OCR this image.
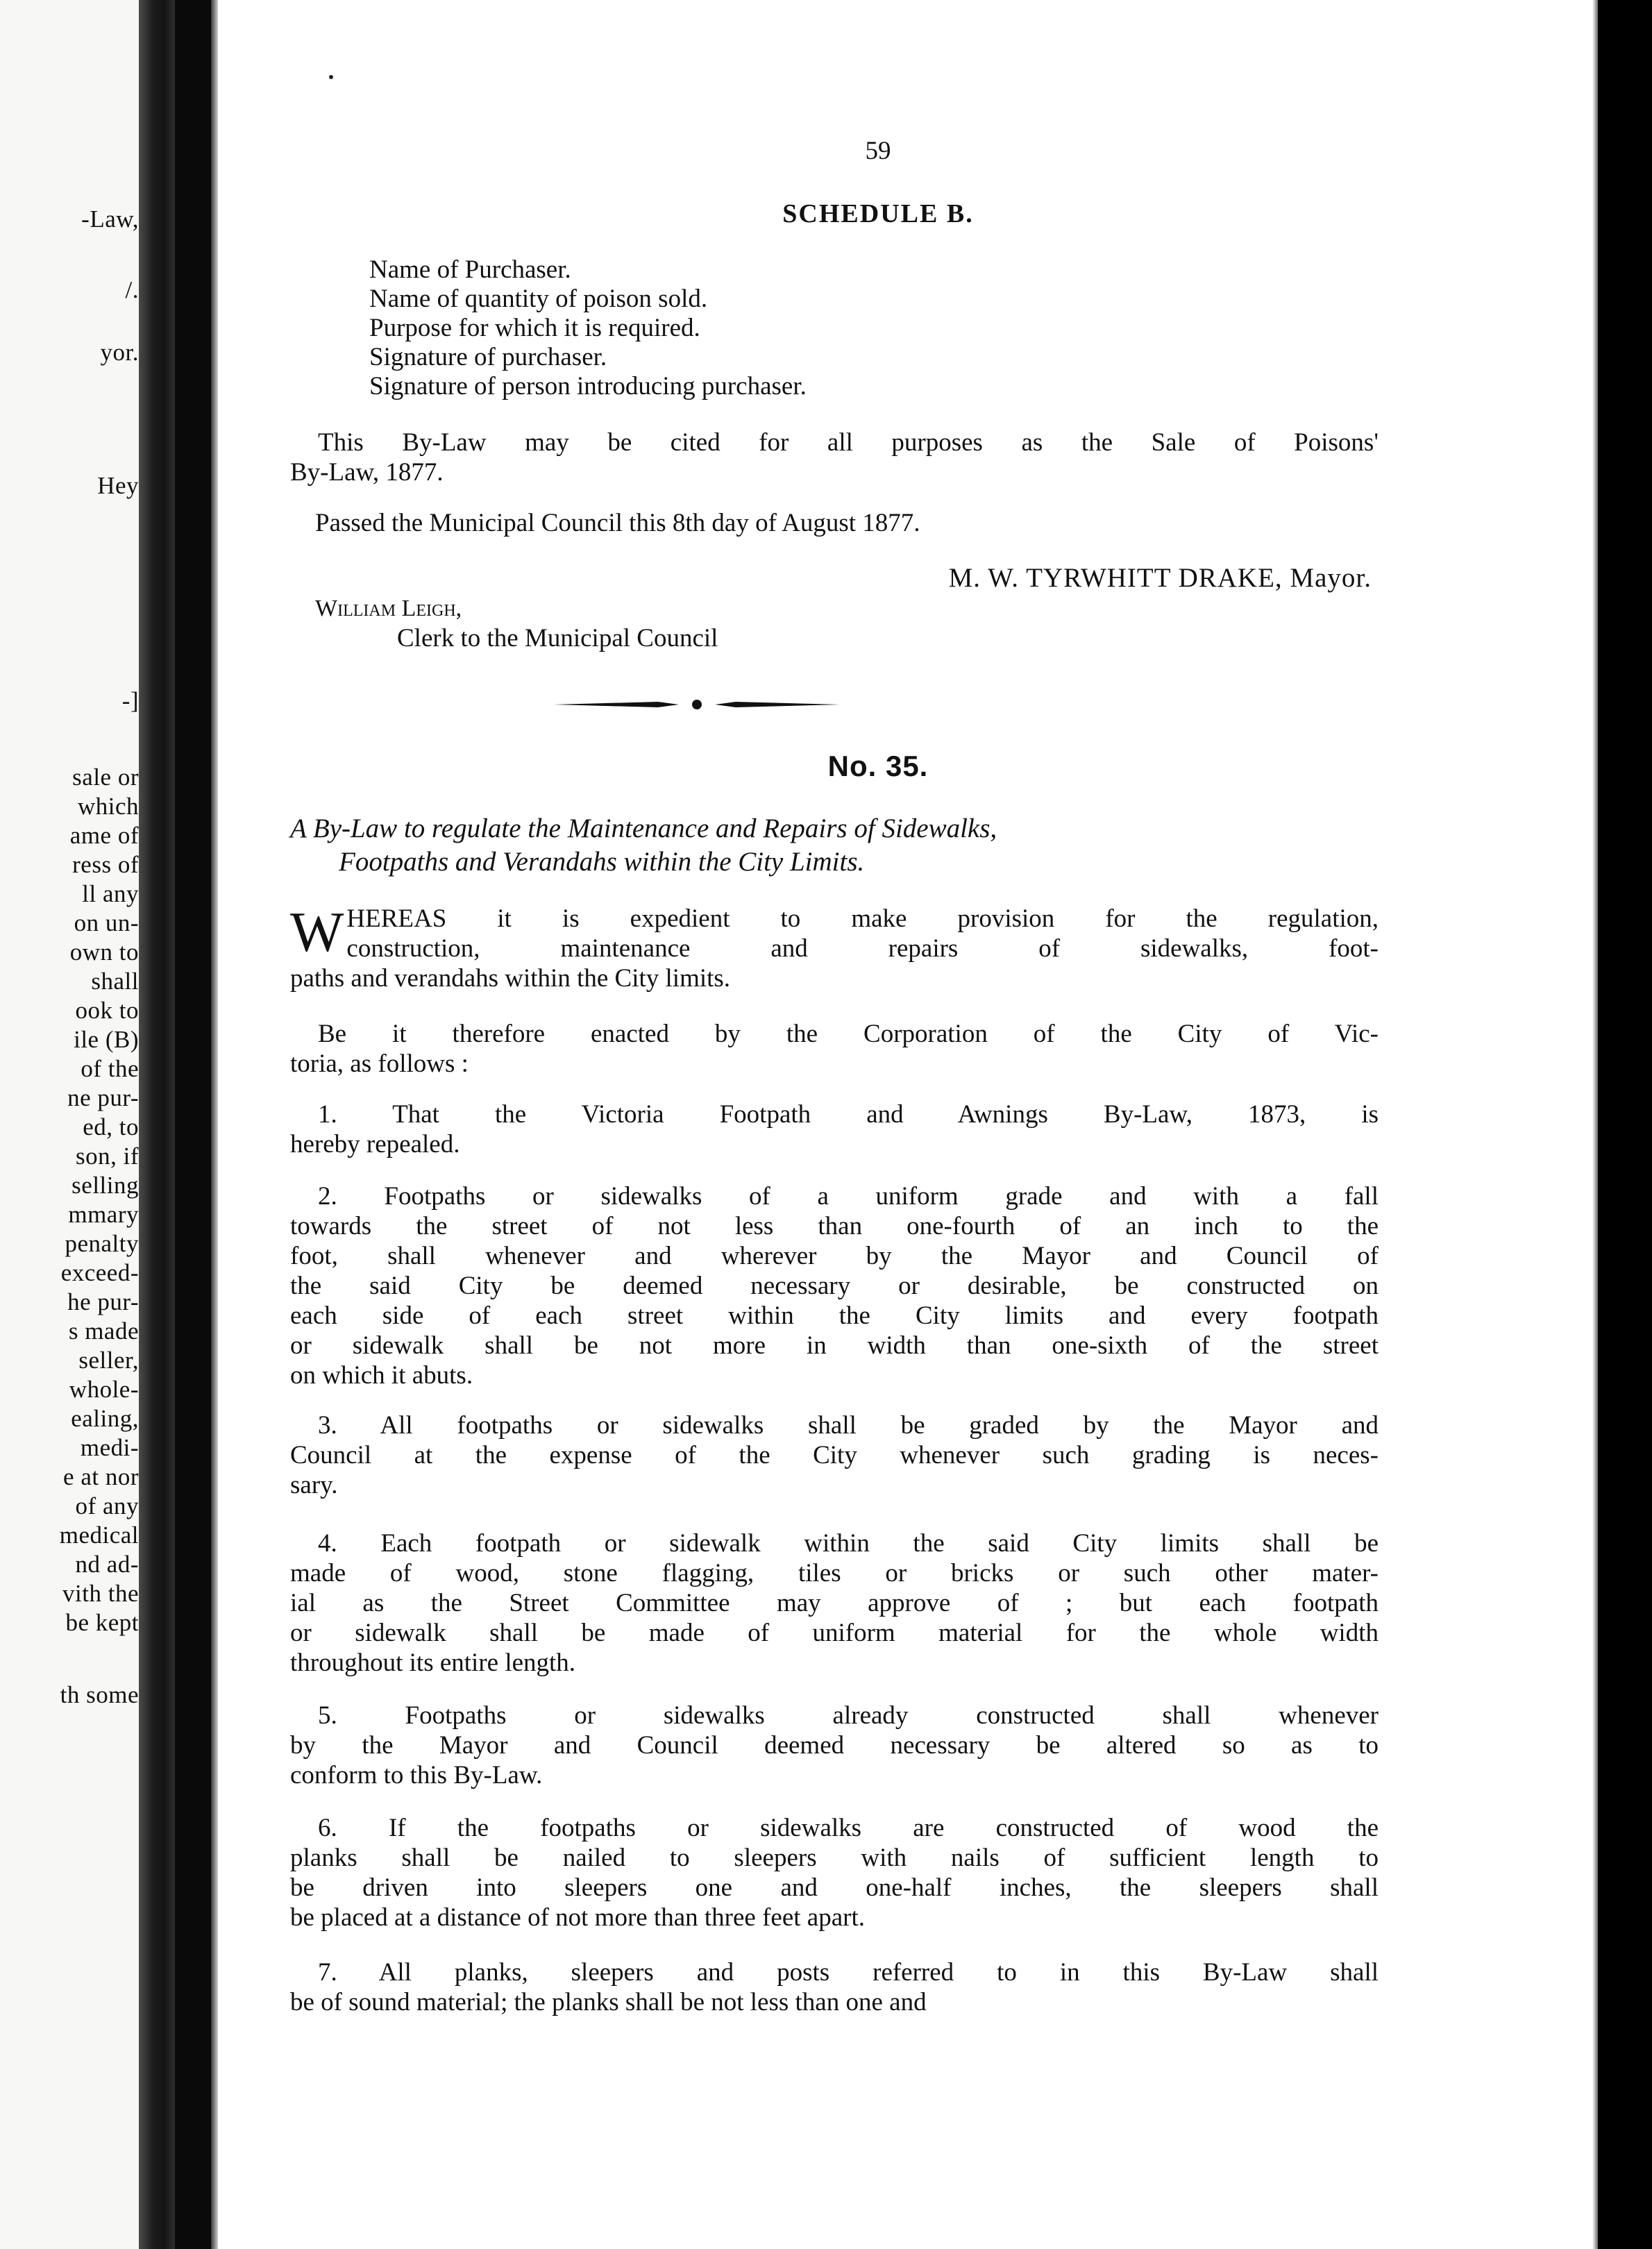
-Law,
/.
yor.
Hey
-]
sale or
which
ame of
ress of
ll any
on un-
own to
shall
ook to
ile (B)
of the
ne pur-
ed, to
son, if
selling
mmary
penalty
exceed-
he pur-
s made
seller,
whole-
ealing,
medi-
e at nor
of any
medical
nd ad-
vith the
be kept
th some
59
SCHEDULE B.
Name of Purchaser.
Name of quantity of poison sold.
Purpose for which it is required.
Signature of purchaser.
Signature of person introducing purchaser.
This By-Law may be cited for all purposes as the Sale of Poisons'
By-Law, 1877.
Passed the Municipal Council this 8th day of August 1877.
M. W. TYRWHITT DRAKE, Mayor.
William Leigh,
Clerk to the Municipal Council
No. 35.
A By-Law to regulate the Maintenance and Repairs of Sidewalks,
Footpaths and Verandahs within the City Limits.
W HEREAS it is expedient to make provision for the regulation,
construction, maintenance and repairs of sidewalks, foot-
paths and verandahs within the City limits.
Be it therefore enacted by the Corporation of the City of Vic-
toria, as follows :
1. That the Victoria Footpath and Awnings By-Law, 1873, is
hereby repealed.
2. Footpaths or sidewalks of a uniform grade and with a fall
towards the street of not less than one-fourth of an inch to the
foot, shall whenever and wherever by the Mayor and Council of
the said City be deemed necessary or desirable, be constructed on
each side of each street within the City limits and every footpath
or sidewalk shall be not more in width than one-sixth of the street
on which it abuts.
3. All footpaths or sidewalks shall be graded by the Mayor and
Council at the expense of the City whenever such grading is neces-
sary.
4. Each footpath or sidewalk within the said City limits shall be
made of wood, stone flagging, tiles or bricks or such other mater-
ial as the Street Committee may approve of ; but each footpath
or sidewalk shall be made of uniform material for the whole width
throughout its entire length.
5. Footpaths or sidewalks already constructed shall whenever
by the Mayor and Council deemed necessary be altered so as to
conform to this By-Law.
6. If the footpaths or sidewalks are constructed of wood the
planks shall be nailed to sleepers with nails of sufficient length to
be driven into sleepers one and one-half inches, the sleepers shall
be placed at a distance of not more than three feet apart.
7. All planks, sleepers and posts referred to in this By-Law shall
be of sound material; the planks shall be not less than one and
